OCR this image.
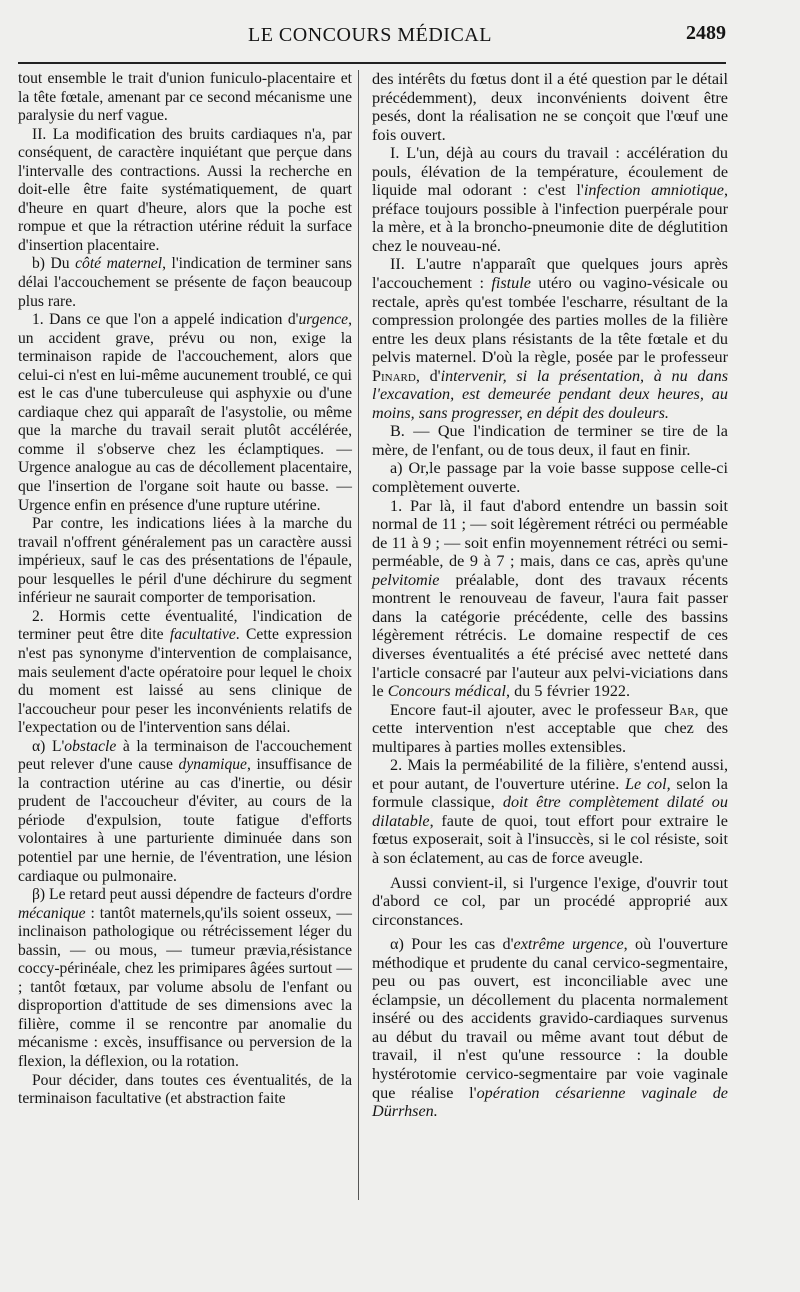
LE CONCOURS MÉDICAL	2489

tout ensemble le trait d'union funiculo-placentaire et la tête fœtale, amenant par ce second mécanisme une paralysie du nerf vague.

II. La modification des bruits cardiaques n'a, par conséquent, de caractère inquiétant que perçue dans l'intervalle des contractions. Aussi la recherche en doit-elle être faite systématiquement, de quart d'heure en quart d'heure, alors que la poche est rompue et que la rétraction utérine réduit la surface d'insertion placentaire.

b) Du côté maternel, l'indication de terminer sans délai l'accouchement se présente de façon beaucoup plus rare.

1. Dans ce que l'on a appelé indication d'urgence, un accident grave, prévu ou non, exige la terminaison rapide de l'accouchement, alors que celui-ci n'est en lui-même aucunement troublé, ce qui est le cas d'une tuberculeuse qui asphyxie ou d'une cardiaque chez qui apparaît de l'asystolie, ou même que la marche du travail serait plutôt accélérée, comme il s'observe chez les éclamptiques. — Urgence analogue au cas de décollement placentaire, que l'insertion de l'organe soit haute ou basse. — Urgence enfin en présence d'une rupture utérine.

Par contre, les indications liées à la marche du travail n'offrent généralement pas un caractère aussi impérieux, sauf le cas des présentations de l'épaule, pour lesquelles le péril d'une déchirure du segment inférieur ne saurait comporter de temporisation.

2. Hormis cette éventualité, l'indication de terminer peut être dite facultative. Cette expression n'est pas synonyme d'intervention de complaisance, mais seulement d'acte opératoire pour lequel le choix du moment est laissé au sens clinique de l'accoucheur pour peser les inconvénients relatifs de l'expectation ou de l'intervention sans délai.

α) L'obstacle à la terminaison de l'accouchement peut relever d'une cause dynamique, insuffisance de la contraction utérine au cas d'inertie, ou désir prudent de l'accoucheur d'éviter, au cours de la période d'expulsion, toute fatigue d'efforts volontaires à une parturiente diminuée dans son potentiel par une hernie, de l'éventration, une lésion cardiaque ou pulmonaire.

β) Le retard peut aussi dépendre de facteurs d'ordre mécanique : tantôt maternels,qu'ils soient osseux, — inclinaison pathologique ou rétrécissement léger du bassin, — ou mous, — tumeur prævia,résistance coccy-périnéale, chez les primipares âgées surtout — ; tantôt fœtaux, par volume absolu de l'enfant ou disproportion d'attitude de ses dimensions avec la filière, comme il se rencontre par anomalie du mécanisme : excès, insuffisance ou perversion de la flexion, la déflexion, ou la rotation.

Pour décider, dans toutes ces éventualités, de la terminaison facultative (et abstraction faite

des intérêts du fœtus dont il a été question par le détail précédemment), deux inconvénients doivent être pesés, dont la réalisation ne se conçoit que l'œuf une fois ouvert.

I. L'un, déjà au cours du travail : accélération du pouls, élévation de la température, écoulement de liquide mal odorant : c'est l'infection amniotique, préface toujours possible à l'infection puerpérale pour la mère, et à la broncho-pneumonie dite de déglutition chez le nouveau-né.

II. L'autre n'apparaît que quelques jours après l'accouchement : fistule utéro ou vagino-vésicale ou rectale, après qu'est tombée l'escharre, résultant de la compression prolongée des parties molles de la filière entre les deux plans résistants de la tête fœtale et du pelvis maternel. D'où la règle, posée par le professeur Pinard, d'intervenir, si la présentation, à nu dans l'excavation, est demeurée pendant deux heures, au moins, sans progresser, en dépit des douleurs.

B. — Que l'indication de terminer se tire de la mère, de l'enfant, ou de tous deux, il faut en finir.

a) Or,le passage par la voie basse suppose celle-ci complètement ouverte.

1. Par là, il faut d'abord entendre un bassin soit normal de 11 ; — soit légèrement rétréci ou perméable de 11 à 9 ; — soit enfin moyennement rétréci ou semi-perméable, de 9 à 7 ; mais, dans ce cas, après qu'une pelvitomie préalable, dont des travaux récents montrent le renouveau de faveur, l'aura fait passer dans la catégorie précédente, celle des bassins légèrement rétrécis. Le domaine respectif de ces diverses éventualités a été précisé avec netteté dans l'article consacré par l'auteur aux pelvi-viciations dans le Concours médical, du 5 février 1922.

Encore faut-il ajouter, avec le professeur Bar, que cette intervention n'est acceptable que chez des multipares à parties molles extensibles.

2. Mais la perméabilité de la filière, s'entend aussi, et pour autant, de l'ouverture utérine. Le col, selon la formule classique, doit être complètement dilaté ou dilatable, faute de quoi, tout effort pour extraire le fœtus exposerait, soit à l'insuccès, si le col résiste, soit à son éclatement, au cas de force aveugle.

Aussi convient-il, si l'urgence l'exige, d'ouvrir tout d'abord ce col, par un procédé approprié aux circonstances.

α) Pour les cas d'extrême urgence, où l'ouverture méthodique et prudente du canal cervico-segmentaire, peu ou pas ouvert, est inconciliable avec une éclampsie, un décollement du placenta normalement inséré ou des accidents gravido-cardiaques survenus au début du travail ou même avant tout début de travail, il n'est qu'une ressource : la double hystérotomie cervico-segmentaire par voie vaginale que réalise l'opération césarienne vaginale de Dürrhsen.
